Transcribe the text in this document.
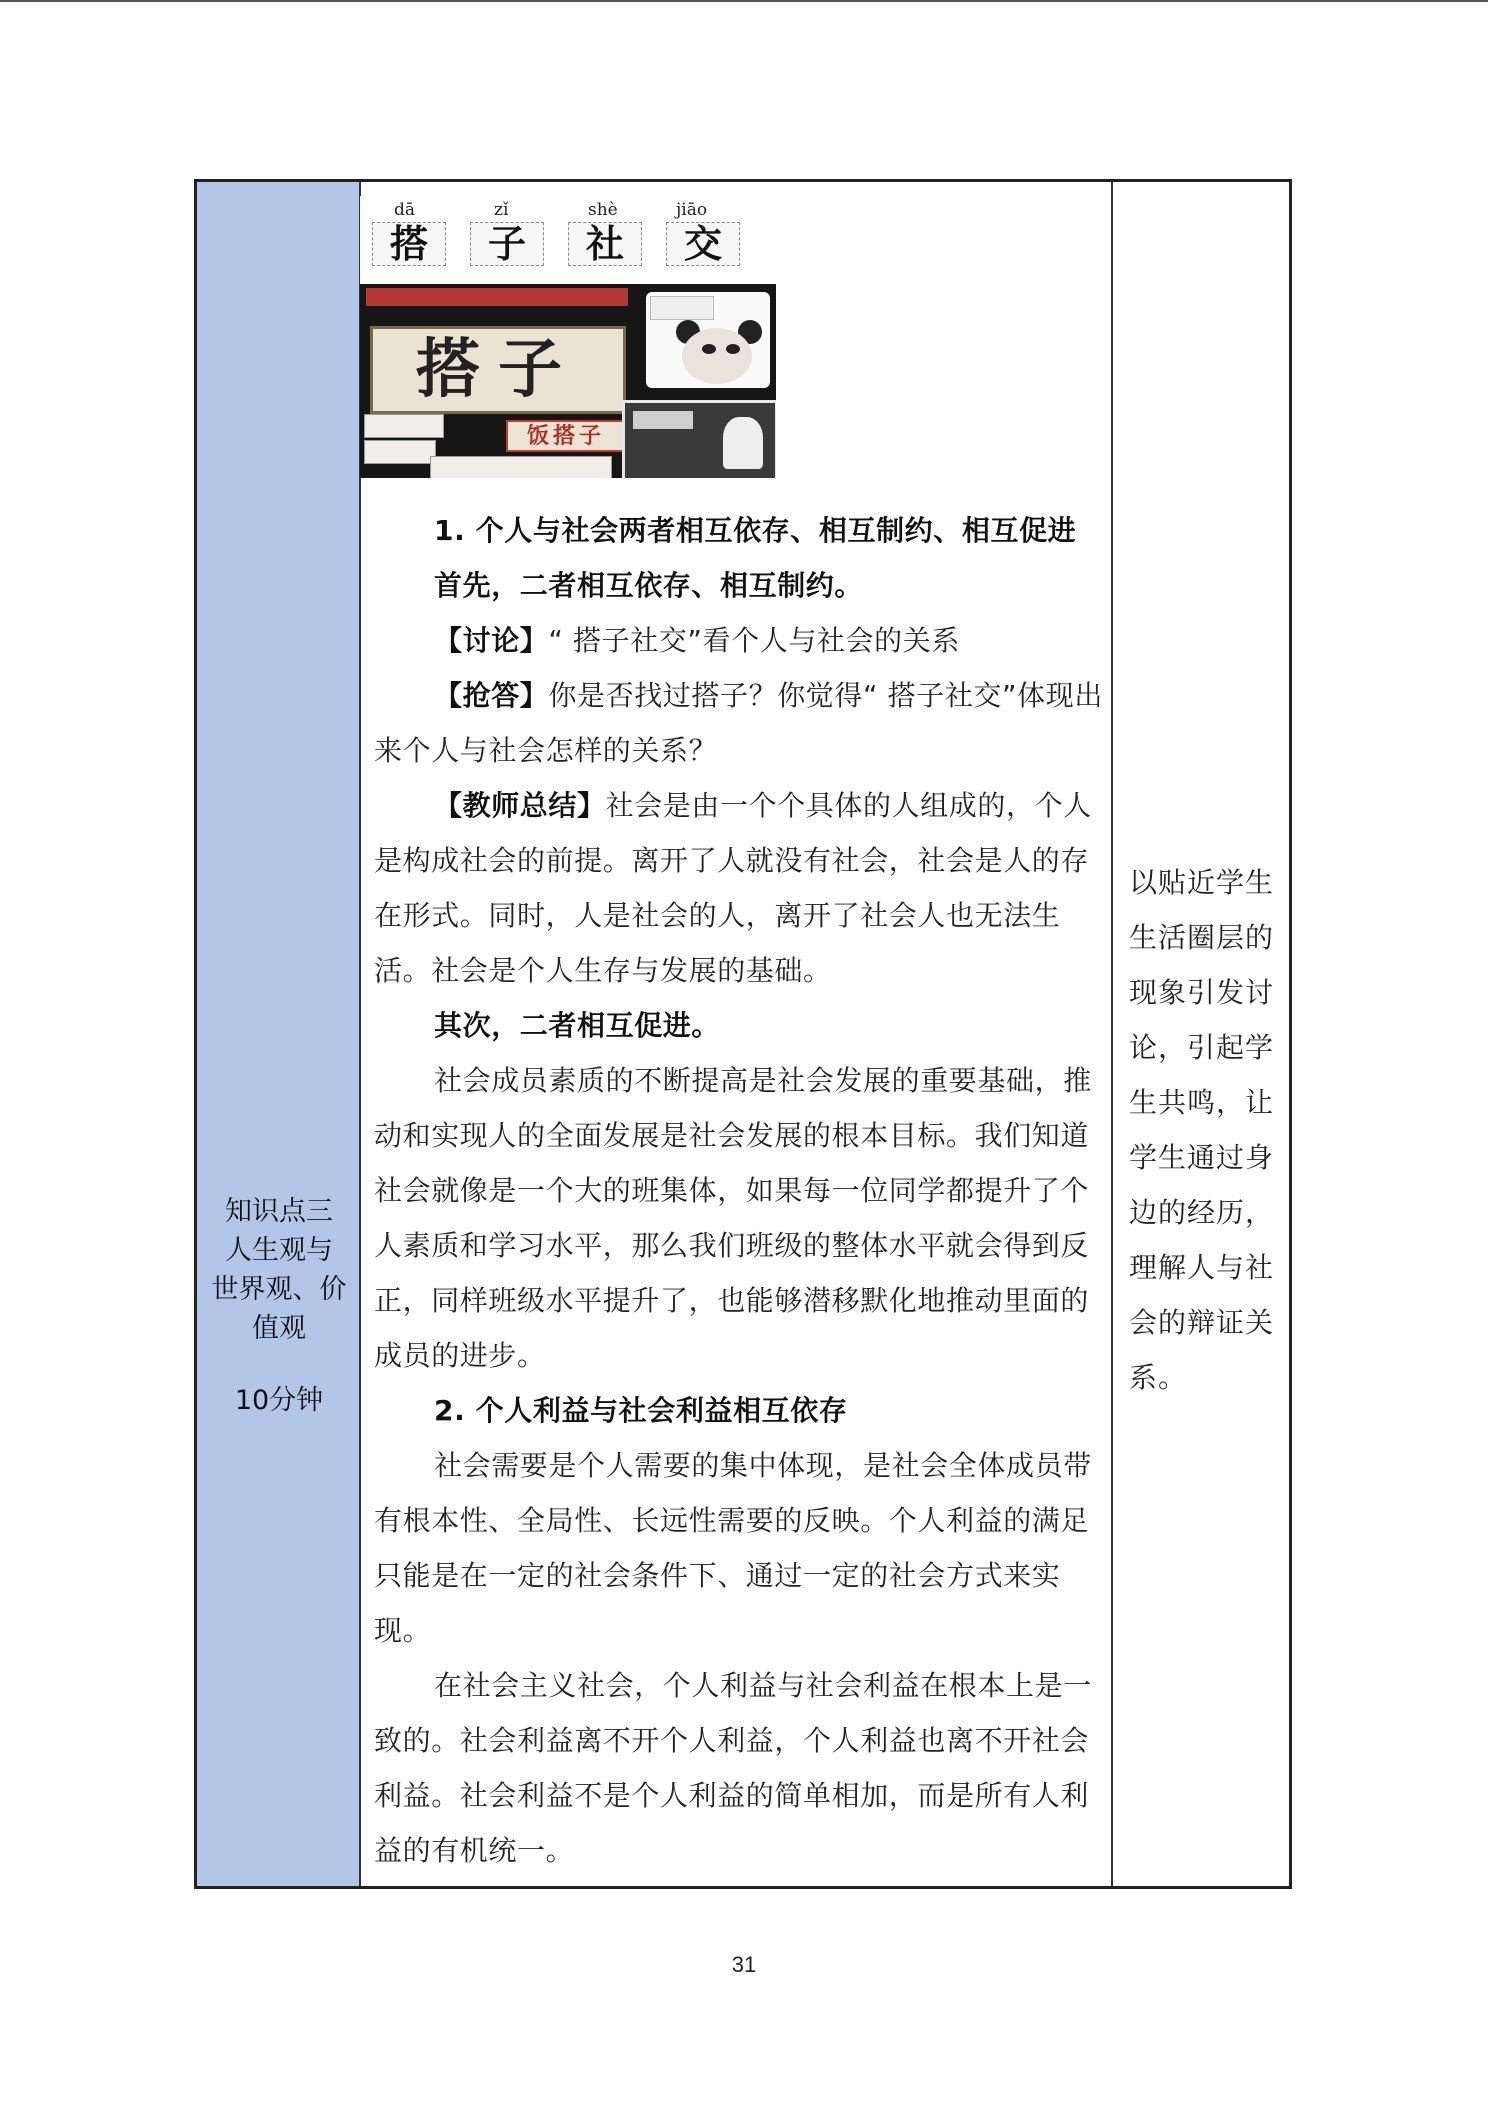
知识点三
人生观与
世界观、价
值观
10分钟
以贴近学生生活圈层的现象引发讨论，引起学生共鸣，让学生通过身边的经历，理解人与社会的辩证关系。
dā	zǐ	shè	jiāo
搭	子	社	交
搭子
饭搭子
1. 个人与社会两者相互依存、相互制约、相互促进
首先，二者相互依存、相互制约。
【讨论】“ 搭子社交”看个人与社会的关系
【抢答】你是否找过搭子？你觉得“ 搭子社交”体现出来个人与社会怎样的关系？
【教师总结】社会是由一个个具体的人组成的，个人是构成社会的前提。离开了人就没有社会，社会是人的存在形式。同时，人是社会的人，离开了社会人也无法生活。社会是个人生存与发展的基础。
其次，二者相互促进。
社会成员素质的不断提高是社会发展的重要基础，推动和实现人的全面发展是社会发展的根本目标。我们知道社会就像是一个大的班集体，如果每一位同学都提升了个人素质和学习水平，那么我们班级的整体水平就会得到反正，同样班级水平提升了，也能够潜移默化地推动里面的成员的进步。
2. 个人利益与社会利益相互依存
社会需要是个人需要的集中体现，是社会全体成员带有根本性、全局性、长远性需要的反映。个人利益的满足只能是在一定的社会条件下、通过一定的社会方式来实现。
在社会主义社会，个人利益与社会利益在根本上是一致的。社会利益离不开个人利益，个人利益也离不开社会利益。社会利益不是个人利益的简单相加，而是所有人利益的有机统一。
31
